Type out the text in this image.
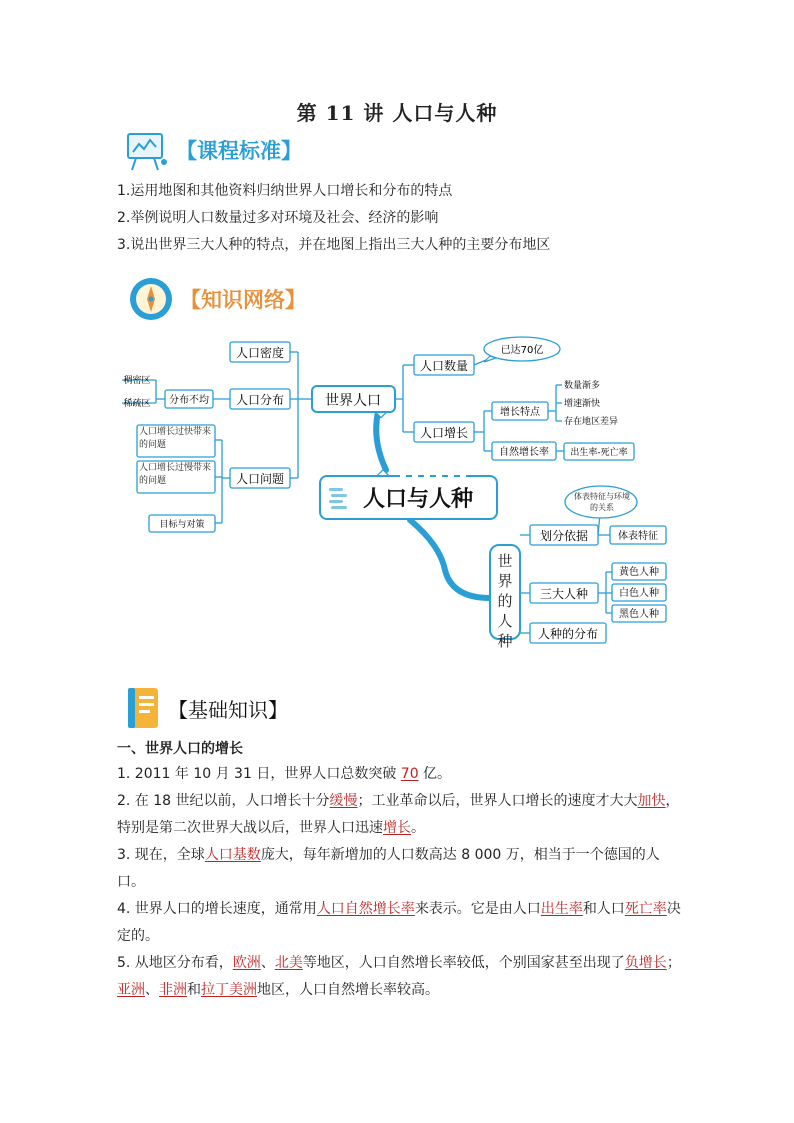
第 11 讲 人口与人种
【课程标准】
1.运用地图和其他资料归纳世界人口增长和分布的特点
2.举例说明人口数量过多对环境及社会、经济的影响
3.说出世界三大人种的特点，并在地图上指出三大人种的主要分布地区
【知识网络】
人口与人种
世界人口
人口密度
人口分布
人口问题
分布不均
稠密区
稀疏区
人口增长过快带来的问题
人口增长过慢带来的问题
目标与对策
已达70亿
人口数量
人口增长
增长特点
自然增长率 出生率-死亡率
数量渐多
增速渐快
存在地区差异
世界的人种
划分依据
三大人种
人种的分布
体表特征
黄色人种
白色人种
黑色人种
体表特征与环境的关系
【基础知识】
一、世界人口的增长
1. 2011 年 10 月 31 日，世界人口总数突破 70 亿。
2. 在 18 世纪以前，人口增长十分缓慢；工业革命以后，世界人口增长的速度才大大加快，特别是第二次世界大战以后，世界人口迅速增长。
3. 现在，全球人口基数庞大，每年新增加的人口数高达 8 000 万，相当于一个德国的人口。
4. 世界人口的增长速度，通常用人口自然增长率来表示。它是由人口出生率和人口死亡率决定的。
5. 从地区分布看，欧洲、北美等地区，人口自然增长率较低，个别国家甚至出现了负增长；亚洲、非洲和拉丁美洲地区，人口自然增长率较高。
